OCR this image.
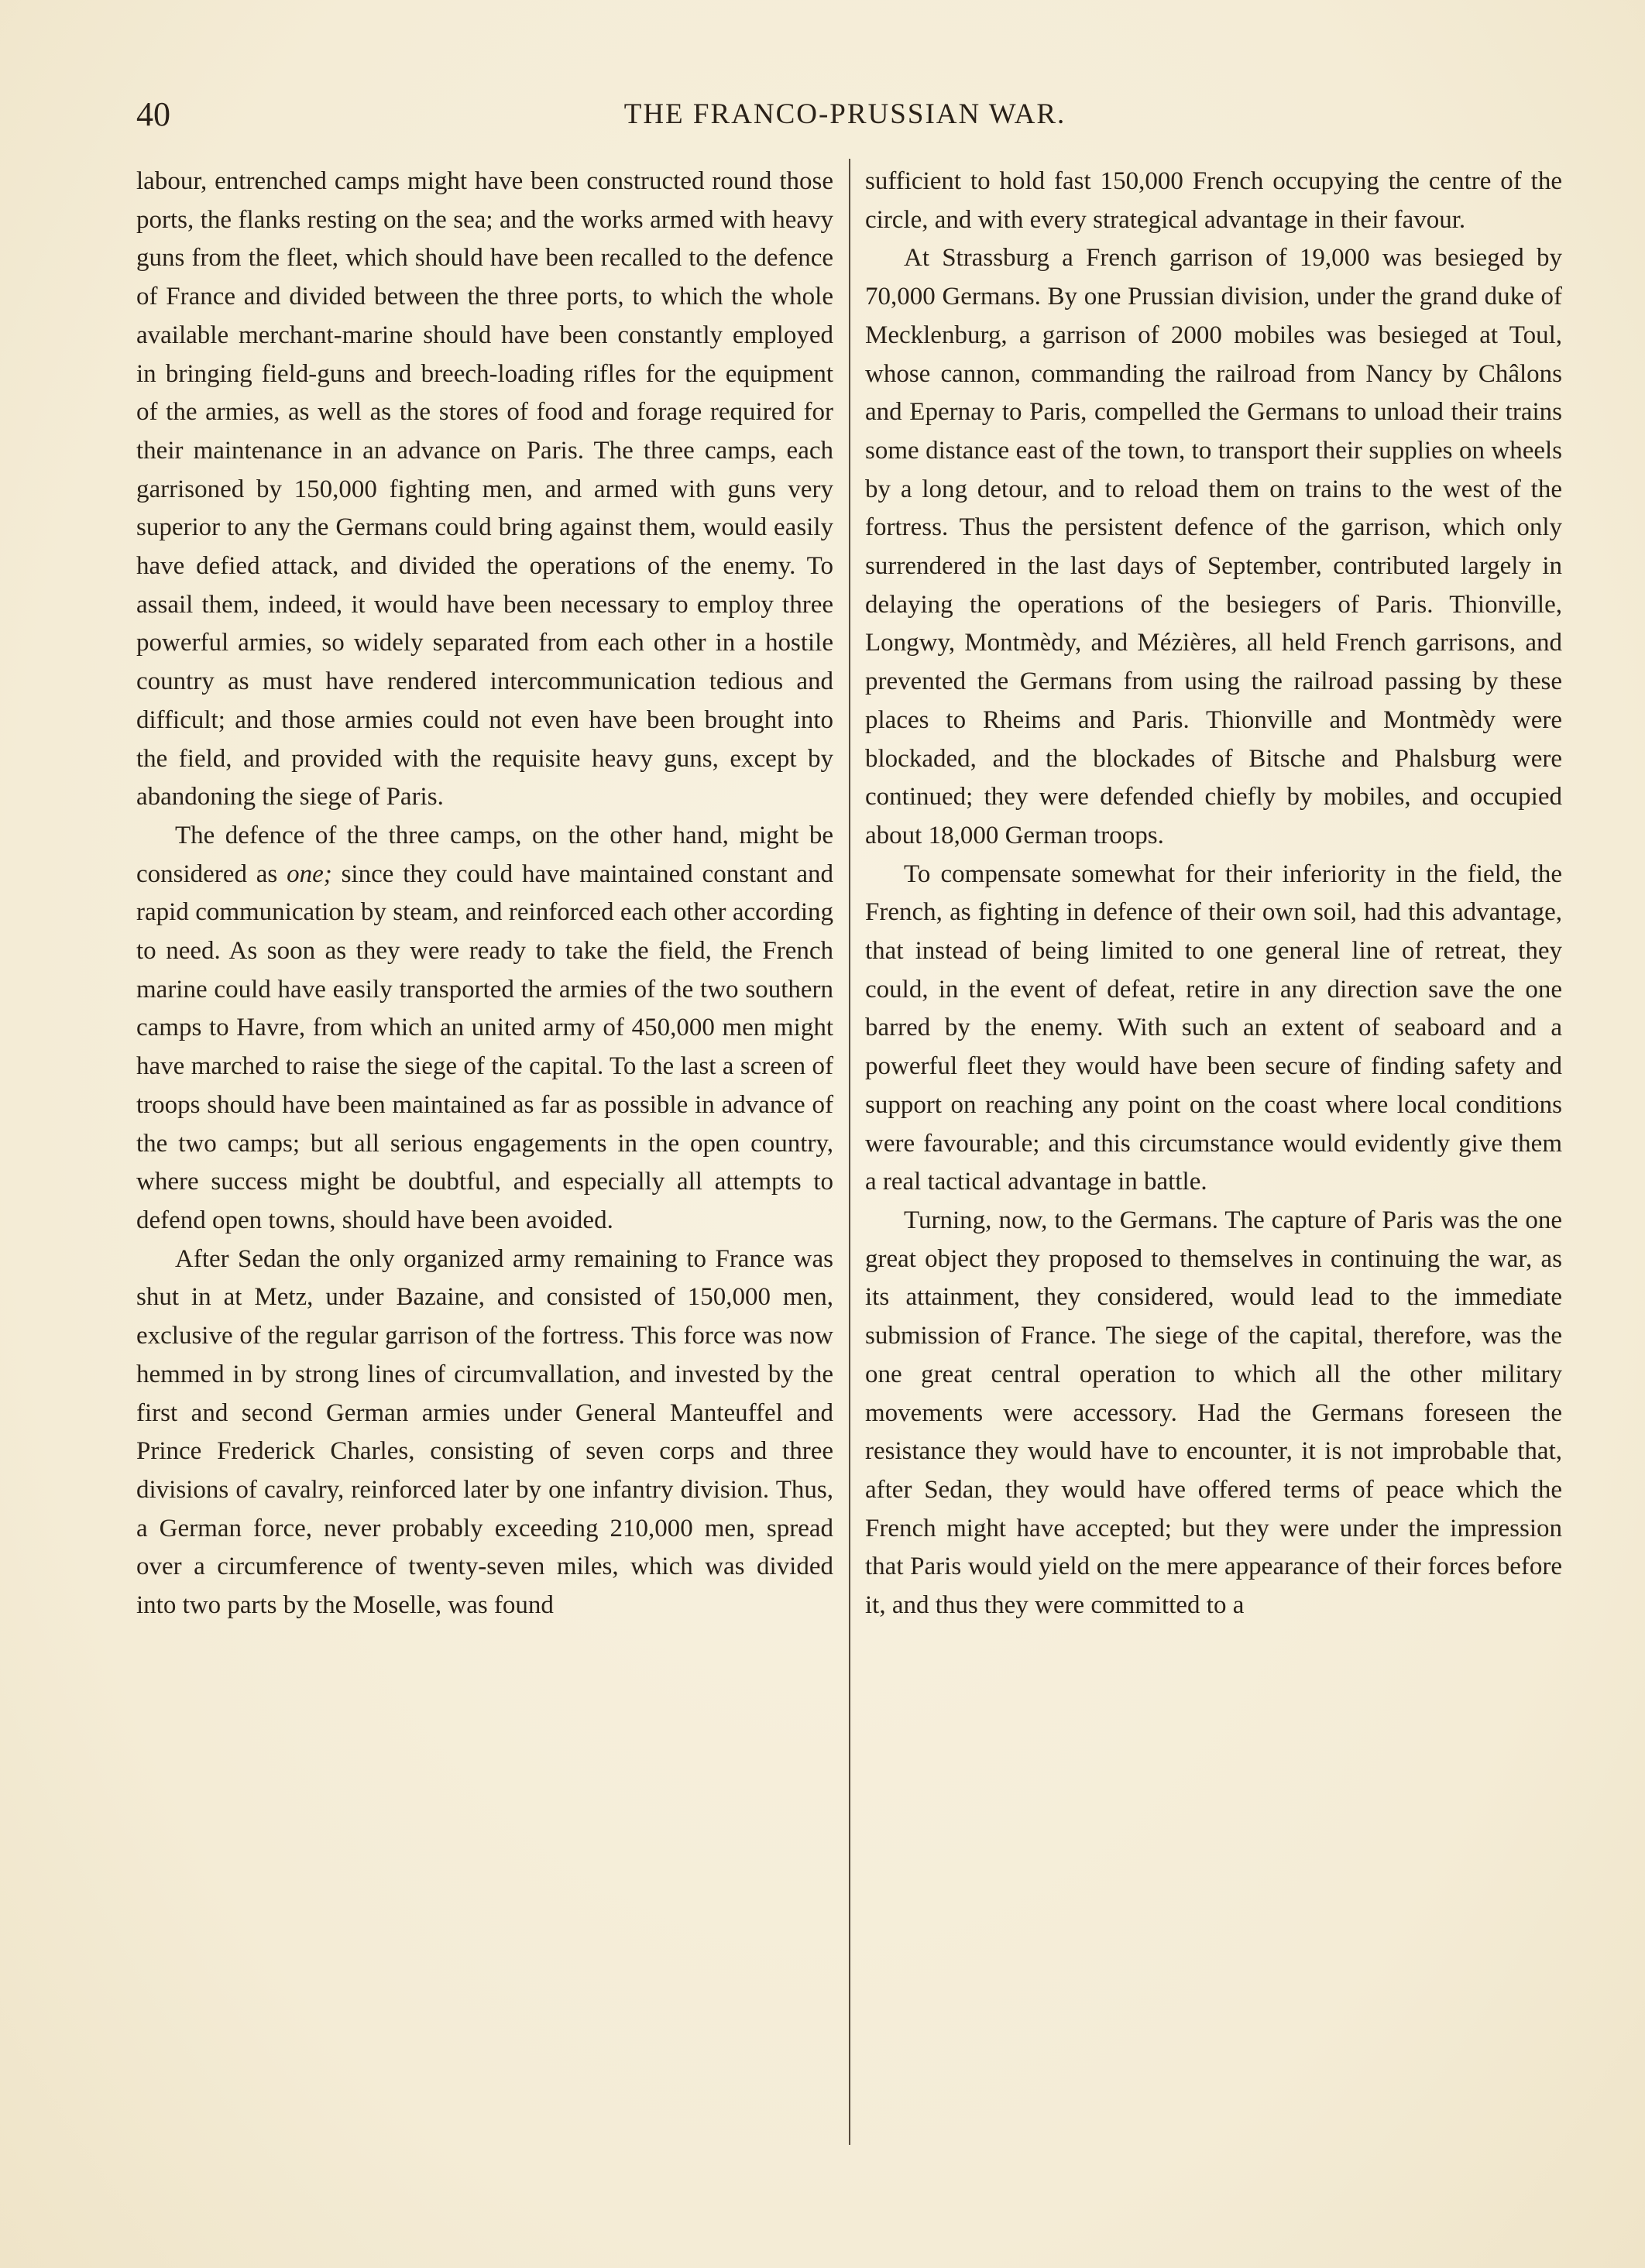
40	THE FRANCO-PRUSSIAN WAR.

labour, entrenched camps might have been constructed round those ports, the flanks resting on the sea; and the works armed with heavy guns from the fleet, which should have been recalled to the defence of France and divided between the three ports, to which the whole available merchant-marine should have been constantly employed in bringing field-guns and breech-loading rifles for the equipment of the armies, as well as the stores of food and forage required for their maintenance in an advance on Paris. The three camps, each garrisoned by 150,000 fighting men, and armed with guns very superior to any the Germans could bring against them, would easily have defied attack, and divided the operations of the enemy. To assail them, indeed, it would have been necessary to employ three powerful armies, so widely separated from each other in a hostile country as must have rendered intercommunication tedious and difficult; and those armies could not even have been brought into the field, and provided with the requisite heavy guns, except by abandoning the siege of Paris.

The defence of the three camps, on the other hand, might be considered as one; since they could have maintained constant and rapid communication by steam, and reinforced each other according to need. As soon as they were ready to take the field, the French marine could have easily transported the armies of the two southern camps to Havre, from which an united army of 450,000 men might have marched to raise the siege of the capital. To the last a screen of troops should have been maintained as far as possible in advance of the two camps; but all serious engagements in the open country, where success might be doubtful, and especially all attempts to defend open towns, should have been avoided.

After Sedan the only organized army remaining to France was shut in at Metz, under Bazaine, and consisted of 150,000 men, exclusive of the regular garrison of the fortress. This force was now hemmed in by strong lines of circumvallation, and invested by the first and second German armies under General Manteuffel and Prince Frederick Charles, consisting of seven corps and three divisions of cavalry, reinforced later by one infantry division. Thus, a German force, never probably exceeding 210,000 men, spread over a circumference of twenty-seven miles, which was divided into two parts by the Moselle, was found

sufficient to hold fast 150,000 French occupying the centre of the circle, and with every strategical advantage in their favour.

At Strassburg a French garrison of 19,000 was besieged by 70,000 Germans. By one Prussian division, under the grand duke of Mecklenburg, a garrison of 2000 mobiles was besieged at Toul, whose cannon, commanding the railroad from Nancy by Châlons and Epernay to Paris, compelled the Germans to unload their trains some distance east of the town, to transport their supplies on wheels by a long detour, and to reload them on trains to the west of the fortress. Thus the persistent defence of the garrison, which only surrendered in the last days of September, contributed largely in delaying the operations of the besiegers of Paris. Thionville, Longwy, Montmèdy, and Mézières, all held French garrisons, and prevented the Germans from using the railroad passing by these places to Rheims and Paris. Thionville and Montmèdy were blockaded, and the blockades of Bitsche and Phalsburg were continued; they were defended chiefly by mobiles, and occupied about 18,000 German troops.

To compensate somewhat for their inferiority in the field, the French, as fighting in defence of their own soil, had this advantage, that instead of being limited to one general line of retreat, they could, in the event of defeat, retire in any direction save the one barred by the enemy. With such an extent of seaboard and a powerful fleet they would have been secure of finding safety and support on reaching any point on the coast where local conditions were favourable; and this circumstance would evidently give them a real tactical advantage in battle.

Turning, now, to the Germans. The capture of Paris was the one great object they proposed to themselves in continuing the war, as its attainment, they considered, would lead to the immediate submission of France. The siege of the capital, therefore, was the one great central operation to which all the other military movements were accessory. Had the Germans foreseen the resistance they would have to encounter, it is not improbable that, after Sedan, they would have offered terms of peace which the French might have accepted; but they were under the impression that Paris would yield on the mere appearance of their forces before it, and thus they were committed to a
